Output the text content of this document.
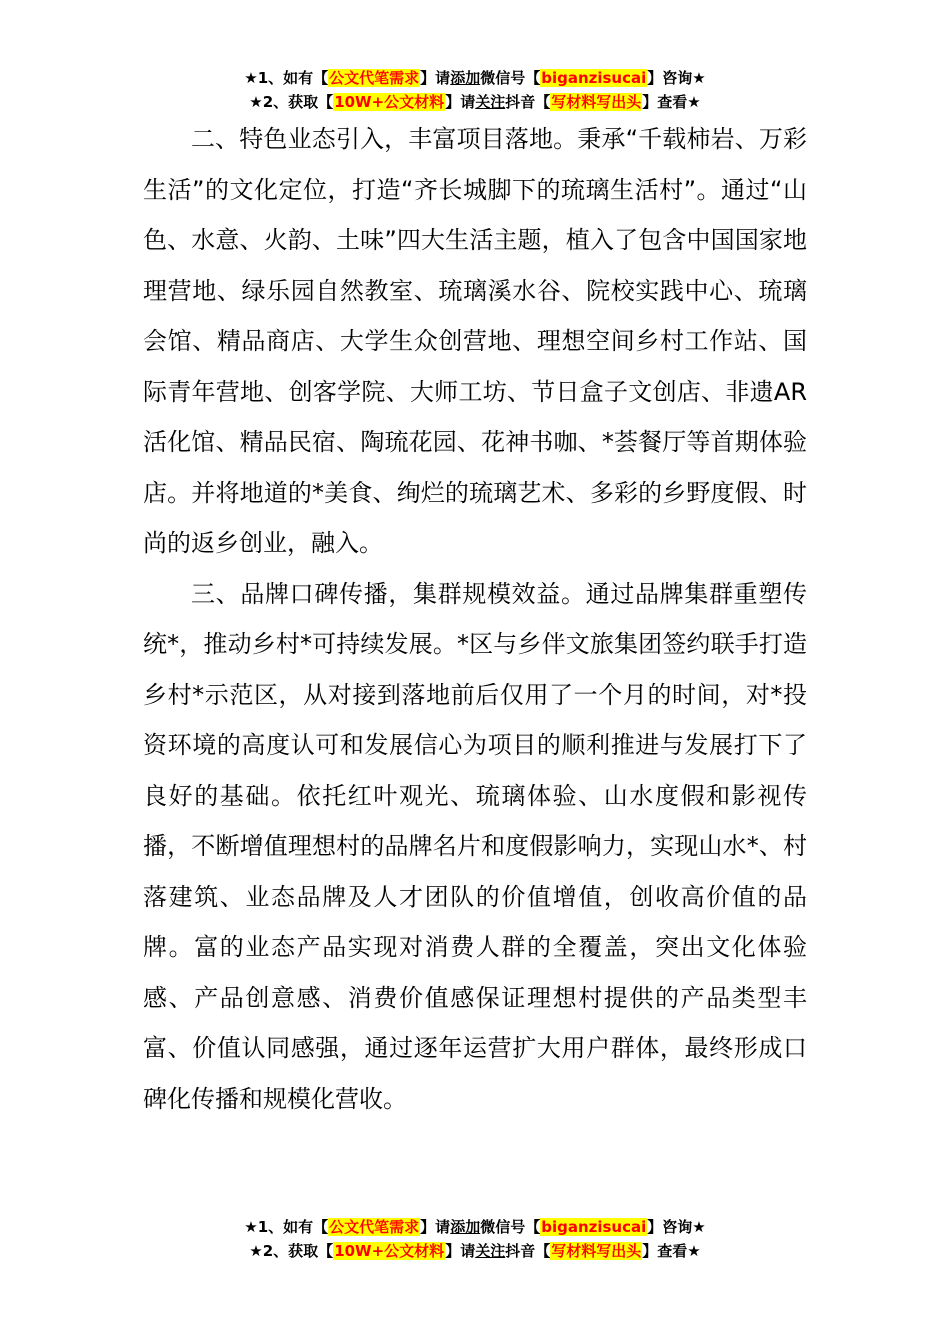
★1、如有【公文代笔需求】请添加微信号【biganzisucai】咨询★
★2、获取【10W+公文材料】请关注抖音【写材料写出头】查看★

二、特色业态引入，丰富项目落地。秉承“千载柿岩、万彩生活”的文化定位，打造“齐长城脚下的琉璃生活村”。通过“山色、水意、火韵、土味”四大生活主题，植入了包含中国国家地理营地、绿乐园自然教室、琉璃溪水谷、院校实践中心、琉璃会馆、精品商店、大学生众创营地、理想空间乡村工作站、国际青年营地、创客学院、大师工坊、节日盒子文创店、非遗AR活化馆、精品民宿、陶琉花园、花神书咖、*荟餐厅等首期体验店。并将地道的*美食、绚烂的琉璃艺术、多彩的乡野度假、时尚的返乡创业，融入。

三、品牌口碑传播，集群规模效益。通过品牌集群重塑传统*，推动乡村*可持续发展。*区与乡伴文旅集团签约联手打造乡村*示范区，从对接到落地前后仅用了一个月的时间，对*投资环境的高度认可和发展信心为项目的顺利推进与发展打下了良好的基础。依托红叶观光、琉璃体验、山水度假和影视传播，不断增值理想村的品牌名片和度假影响力，实现山水*、村落建筑、业态品牌及人才团队的价值增值，创收高价值的品牌。富的业态产品实现对消费人群的全覆盖，突出文化体验感、产品创意感、消费价值感保证理想村提供的产品类型丰富、价值认同感强，通过逐年运营扩大用户群体，最终形成口碑化传播和规模化营收。

★1、如有【公文代笔需求】请添加微信号【biganzisucai】咨询★
★2、获取【10W+公文材料】请关注抖音【写材料写出头】查看★
